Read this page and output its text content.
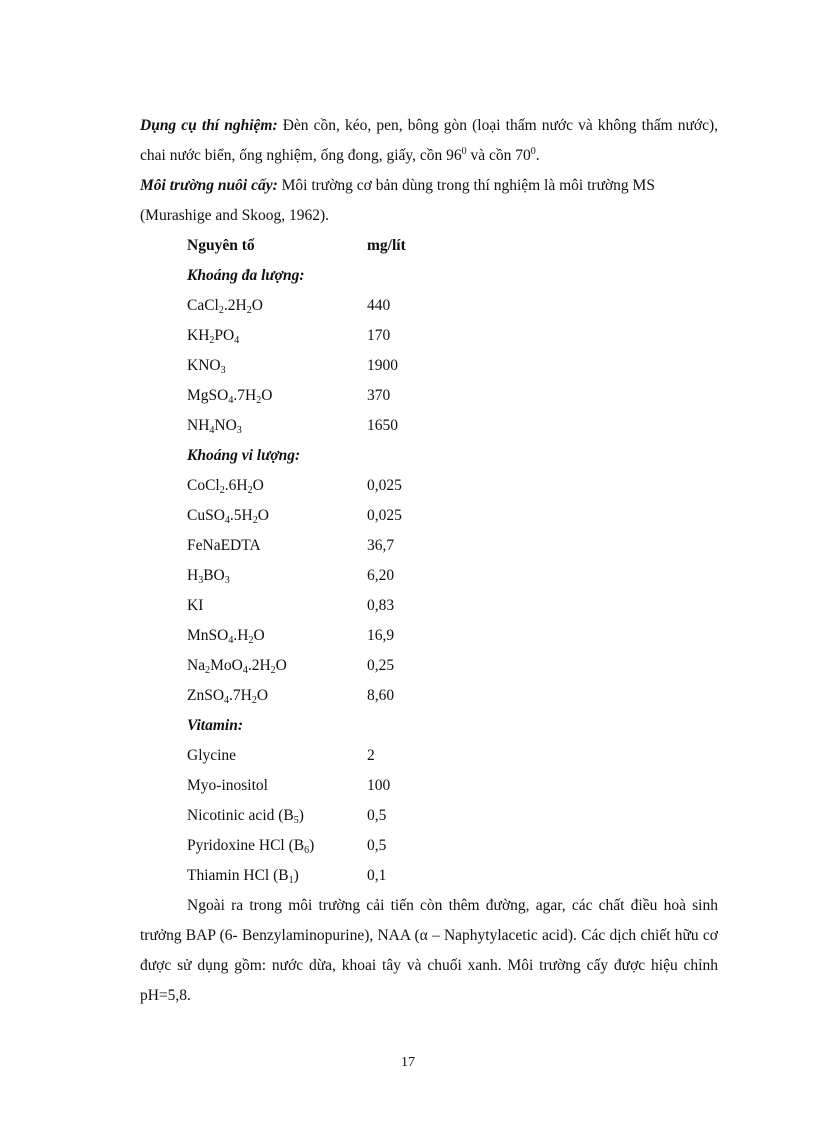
Dụng cụ thí nghiệm: Đèn cồn, kéo, pen, bông gòn (loại thấm nước và không thấm nước), chai nước biển, ống nghiệm, ống đong, giấy, cồn $96^0$ và cồn $70^0$.

Môi trường nuôi cấy: Môi trường cơ bản dùng trong thí nghiệm là môi trường MS
(Murashige and Skoog, 1962).

Nguyên tố	mg/lít
Khoáng đa lượng:
$CaCl_2.2H_2O$	440
$KH_2PO_4$	170
$KNO_3$	1900
$MgSO_4.7H_2O$	370
$NH_4NO_3$	1650
Khoáng vi lượng:
$CoCl_2.6H_2O$	0,025
$CuSO_4.5H_2O$	0,025
FeNaEDTA	36,7
$H_3BO_3$	6,20
KI	0,83
$MnSO_4.H_2O$	16,9
$Na_2MoO_4.2H_2O$	0,25
$ZnSO_4.7H_2O$	8,60
Vitamin:
Glycine	2
Myo-inositol	100
Nicotinic acid $(B_5)$	0,5
Pyridoxine HCl $(B_6)$	0,5
Thiamin HCl $(B_1)$	0,1

Ngoài ra trong môi trường cải tiến còn thêm đường, agar, các chất điều hoà sinh trưởng BAP (6- Benzylaminopurine), NAA (α – Naphytylacetic acid). Các dịch chiết hữu cơ được sử dụng gồm: nước dừa, khoai tây và chuối xanh. Môi trường cấy được hiệu chỉnh pH=5,8.

17
